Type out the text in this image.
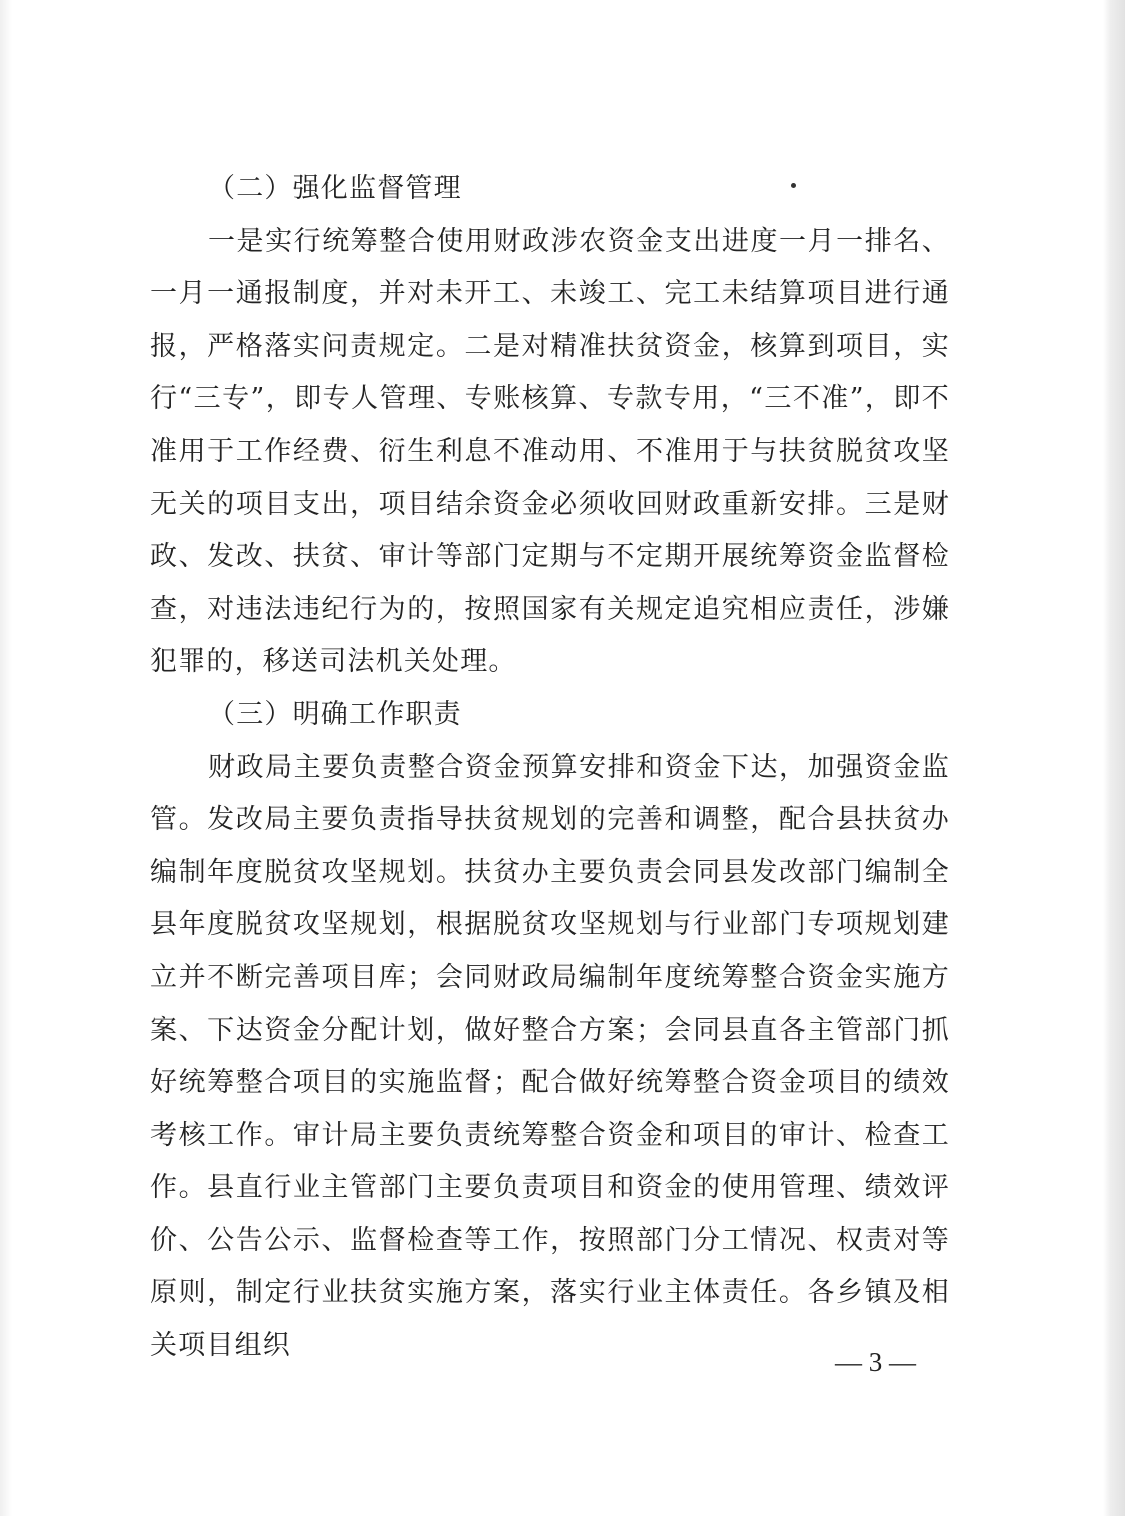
（二）强化监督管理

一是实行统筹整合使用财政涉农资金支出进度一月一排名、一月一通报制度，并对未开工、未竣工、完工未结算项目进行通报，严格落实问责规定。二是对精准扶贫资金，核算到项目，实行“三专”，即专人管理、专账核算、专款专用，“三不准”，即不准用于工作经费、衍生利息不准动用、不准用于与扶贫脱贫攻坚无关的项目支出，项目结余资金必须收回财政重新安排。三是财政、发改、扶贫、审计等部门定期与不定期开展统筹资金监督检查，对违法违纪行为的，按照国家有关规定追究相应责任，涉嫌犯罪的，移送司法机关处理。

（三）明确工作职责

财政局主要负责整合资金预算安排和资金下达，加强资金监管。发改局主要负责指导扶贫规划的完善和调整，配合县扶贫办编制年度脱贫攻坚规划。扶贫办主要负责会同县发改部门编制全县年度脱贫攻坚规划，根据脱贫攻坚规划与行业部门专项规划建立并不断完善项目库；会同财政局编制年度统筹整合资金实施方案、下达资金分配计划，做好整合方案；会同县直各主管部门抓好统筹整合项目的实施监督；配合做好统筹整合资金项目的绩效考核工作。审计局主要负责统筹整合资金和项目的审计、检查工作。县直行业主管部门主要负责项目和资金的使用管理、绩效评价、公告公示、监督检查等工作，按照部门分工情况、权责对等原则，制定行业扶贫实施方案，落实行业主体责任。各乡镇及相关项目组织

— 3 —
